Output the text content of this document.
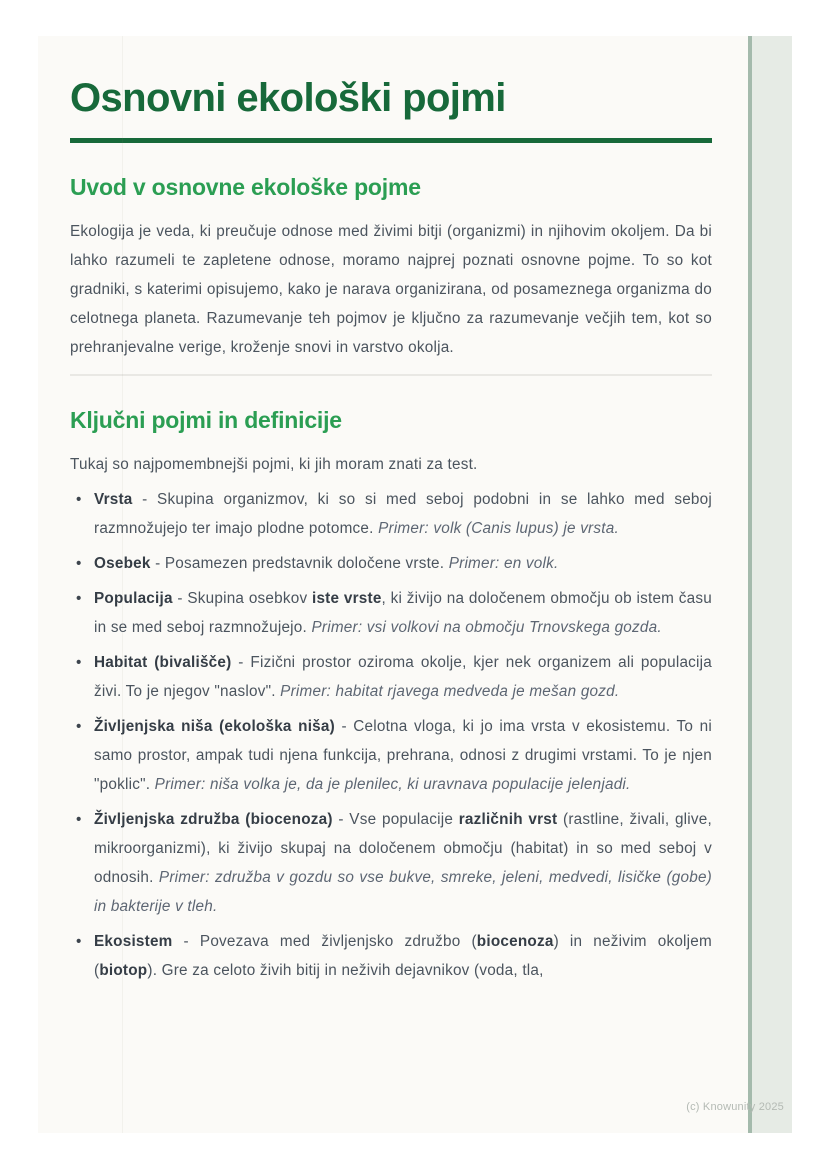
Osnovni ekološki pojmi
Uvod v osnovne ekološke pojme

Ekologija je veda, ki preučuje odnose med živimi bitji (organizmi) in njihovim okoljem. Da bi lahko razumeli te zapletene odnose, moramo najprej poznati osnovne pojme. To so kot gradniki, s katerimi opisujemo, kako je narava organizirana, od posameznega organizma do celotnega planeta. Razumevanje teh pojmov je ključno za razumevanje večjih tem, kot so prehranjevalne verige, kroženje snovi in varstvo okolja.

Ključni pojmi in definicije

Tukaj so najpomembnejši pojmi, ki jih moram znati za test.

• Vrsta - Skupina organizmov, ki so si med seboj podobni in se lahko med seboj razmnožujejo ter imajo plodne potomce. Primer: volk (Canis lupus) je vrsta.
• Osebek - Posamezen predstavnik določene vrste. Primer: en volk.
• Populacija - Skupina osebkov iste vrste, ki živijo na določenem območju ob istem času in se med seboj razmnožujejo. Primer: vsi volkovi na območju Trnovskega gozda.
• Habitat (bivališče) - Fizični prostor oziroma okolje, kjer nek organizem ali populacija živi. To je njegov "naslov". Primer: habitat rjavega medveda je mešan gozd.
• Življenjska niša (ekološka niša) - Celotna vloga, ki jo ima vrsta v ekosistemu. To ni samo prostor, ampak tudi njena funkcija, prehrana, odnosi z drugimi vrstami. To je njen "poklic". Primer: niša volka je, da je plenilec, ki uravnava populacije jelenjadi.
• Življenjska združba (biocenoza) - Vse populacije različnih vrst (rastline, živali, glive, mikroorganizmi), ki živijo skupaj na določenem območju (habitat) in so med seboj v odnosih. Primer: združba v gozdu so vse bukve, smreke, jeleni, medvedi, lisičke (gobe) in bakterije v tleh.
• Ekosistem - Povezava med življenjsko združbo (biocenoza) in neživim okoljem (biotop). Gre za celoto živih bitij in neživih dejavnikov (voda, tla,
(c) Knowunity 2025
